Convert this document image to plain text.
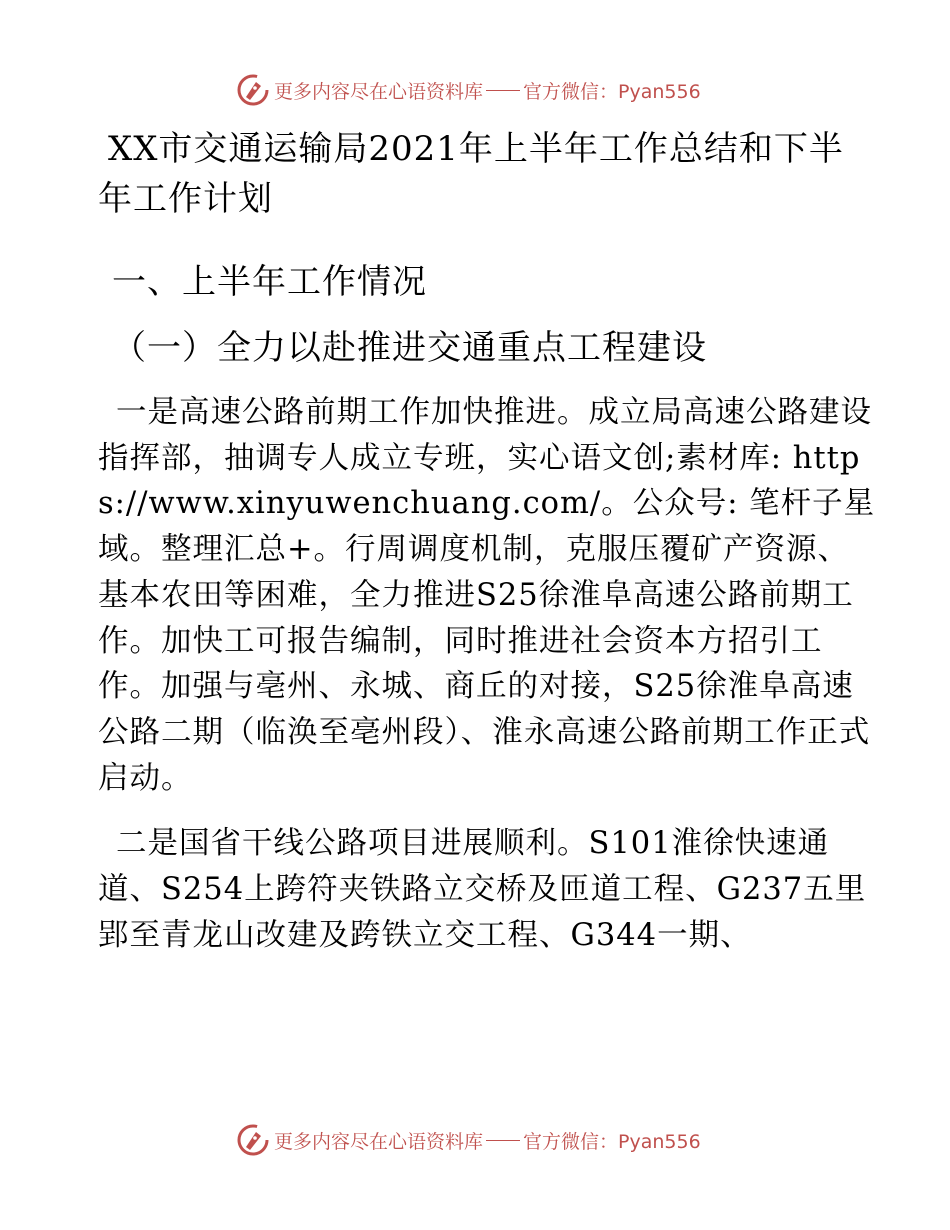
更多内容尽在心语资料库 官方微信：Pyan556
XX市交通运输局2021年上半年工作总结和下半年工作计划
一、上半年工作情况
（一）全力以赴推进交通重点工程建设

一是高速公路前期工作加快推进。成立局高速公路建设指挥部，抽调专人成立专班，实心语文创;素材库: https://www.xinyuwenchuang.com/。公众号: 笔杆子星域。整理汇总+。行周调度机制，克服压覆矿产资源、基本农田等困难，全力推进S25徐淮阜高速公路前期工作。加快工可报告编制，同时推进社会资本方招引工作。加强与亳州、永城、商丘的对接，S25徐淮阜高速公路二期（临涣至亳州段）、淮永高速公路前期工作正式启动。

二是国省干线公路项目进展顺利。S101淮徐快速通道、S254上跨符夹铁路立交桥及匝道工程、G237五里郢至青龙山改建及跨铁立交工程、G344一期、

更多内容尽在心语资料库 官方微信：Pyan556
